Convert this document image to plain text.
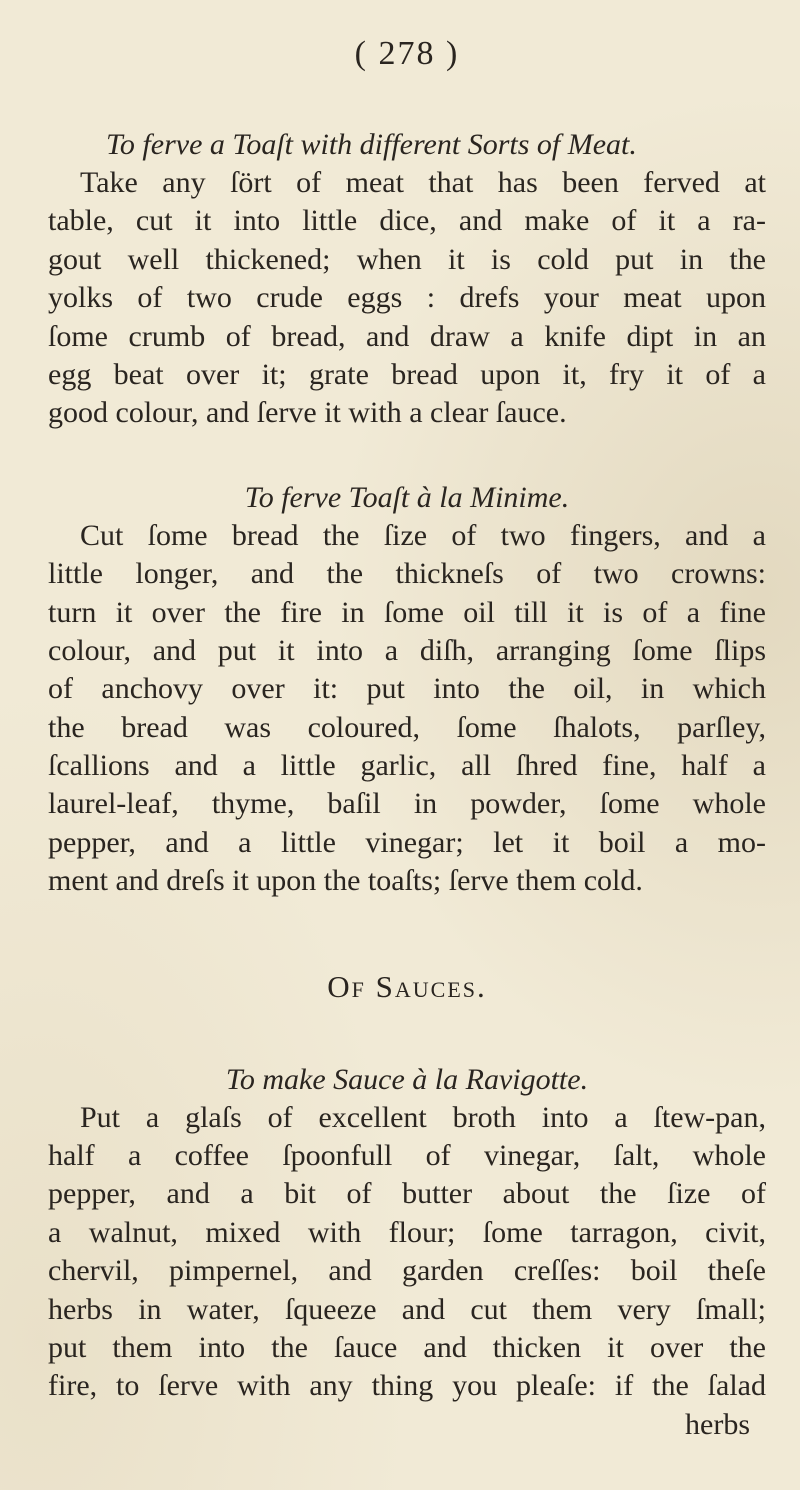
( 278 )
To ferve a Toaſt with different Sorts of Meat.
Take any ſört of meat that has been ferved at
table, cut it into little dice, and make of it a ra-
gout well thickened; when it is cold put in the
yolks of two crude eggs : drefs your meat upon
ſome crumb of bread, and draw a knife dipt in an
egg beat over it; grate bread upon it, fry it of a
good colour, and ſerve it with a clear ſauce.
To ferve Toaſt à la Minime.
Cut ſome bread the ſize of two fingers, and a
little longer, and the thickneſs of two crowns:
turn it over the fire in ſome oil till it is of a fine
colour, and put it into a diſh, arranging ſome ſlips
of anchovy over it: put into the oil, in which
the bread was coloured, ſome ſhalots, parſley,
ſcallions and a little garlic, all ſhred fine, half a
laurel-leaf, thyme, baſil in powder, ſome whole
pepper, and a little vinegar; let it boil a mo-
ment and dreſs it upon the toaſts; ſerve them cold.
Of Sauces.
To make Sauce à la Ravigotte.
Put a glaſs of excellent broth into a ſtew-pan,
half a coffee ſpoonfull of vinegar, ſalt, whole
pepper, and a bit of butter about the ſize of
a walnut, mixed with flour; ſome tarragon, civit,
chervil, pimpernel, and garden creſſes: boil theſe
herbs in water, ſqueeze and cut them very ſmall;
put them into the ſauce and thicken it over the
fire, to ſerve with any thing you pleaſe: if the ſalad
herbs
